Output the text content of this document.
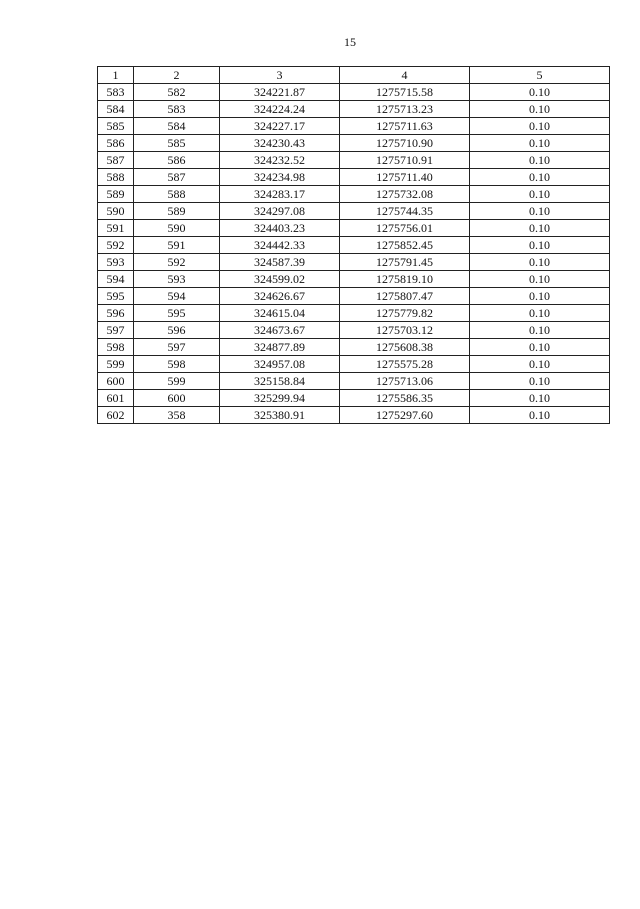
15
1	2	3	4	5
583	582	324221.87	1275715.58	0.10
584	583	324224.24	1275713.23	0.10
585	584	324227.17	1275711.63	0.10
586	585	324230.43	1275710.90	0.10
587	586	324232.52	1275710.91	0.10
588	587	324234.98	1275711.40	0.10
589	588	324283.17	1275732.08	0.10
590	589	324297.08	1275744.35	0.10
591	590	324403.23	1275756.01	0.10
592	591	324442.33	1275852.45	0.10
593	592	324587.39	1275791.45	0.10
594	593	324599.02	1275819.10	0.10
595	594	324626.67	1275807.47	0.10
596	595	324615.04	1275779.82	0.10
597	596	324673.67	1275703.12	0.10
598	597	324877.89	1275608.38	0.10
599	598	324957.08	1275575.28	0.10
600	599	325158.84	1275713.06	0.10
601	600	325299.94	1275586.35	0.10
602	358	325380.91	1275297.60	0.10
